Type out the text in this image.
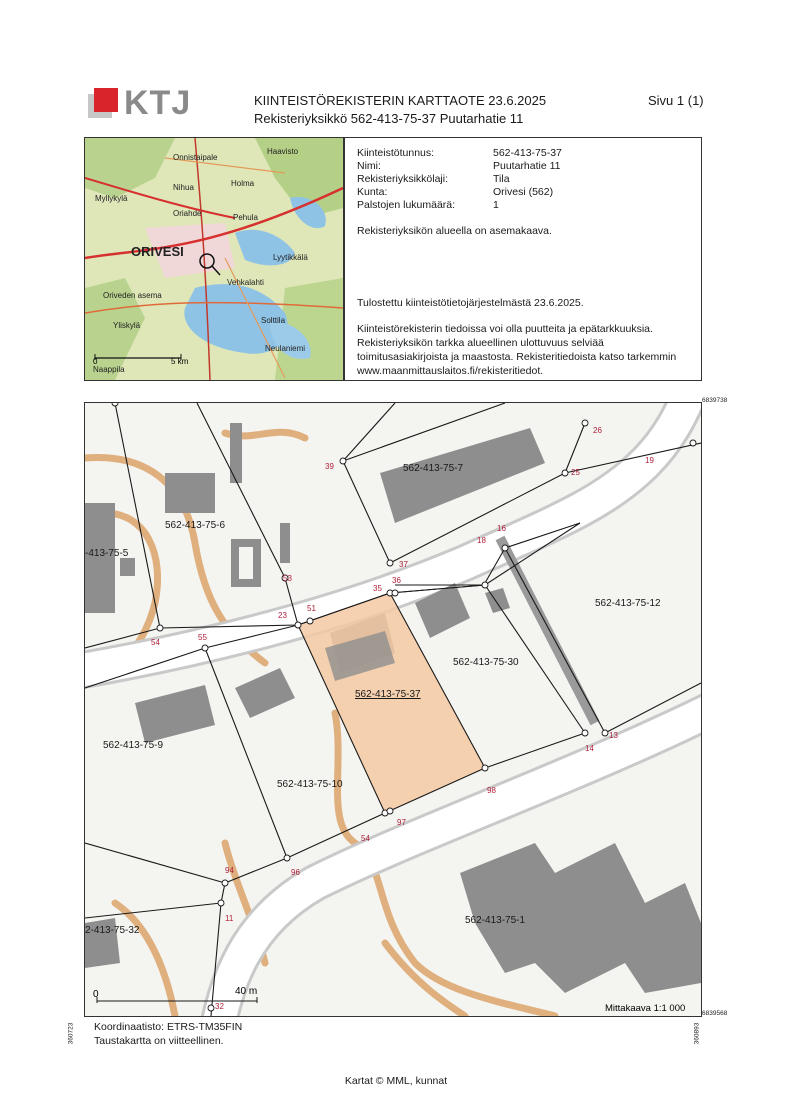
KTJ	KIINTEISTÖREKISTERIN KARTTAOTE 23.6.2025
Rekisteriyksikkö 562-413-75-37 Puutarhatie 11
Sivu 1 (1)
Onnistaipale
Haavisto
Myllykylä
Nihua	Holma
Oriahde	Pehula
ORIVESI	Lyytikkälä
Oriveden asema
Vehkalahti
Yliskylä
Solttila
Neulaniemi
Naappila
0	5 km
Kiinteistötunnus:	562-413-75-37
Nimi:	Puutarhatie 11
Rekisteriyksikkölaji:	Tila
Kunta:	Orivesi (562)
Palstojen lukumäärä:	1
Rekisteriyksikön alueella on asemakaava.
Tulostettu kiinteistötietojärjestelmästä 23.6.2025.
Kiinteistörekisterin tiedoissa voi olla puutteita ja epätarkkuuksia. Rekisteriyksikön tarkka alueellinen ulottuvuus selviää toimitusasiakirjoista ja maastosta. Rekisteritiedoista katso tarkemmin www.maanmittauslaitos.fi/rekisteritiedot.
6839738
6839568
360723	360893
26
39
25
19
18
16
37
53
35
36
23
51
54
55
14
13
98
54
97
94	96
11
32
562-413-75-7
562-413-75-6
-413-75-5
562-413-75-12
562-413-75-30
562-413-75-37
562-413-75-9
562-413-75-10
562-413-75-1
2-413-75-32
0	40 m
Mittakaava 1:1 000
Koordinaatisto: ETRS-TM35FIN
Taustakartta on viitteellinen.
Kartat © MML, kunnat
